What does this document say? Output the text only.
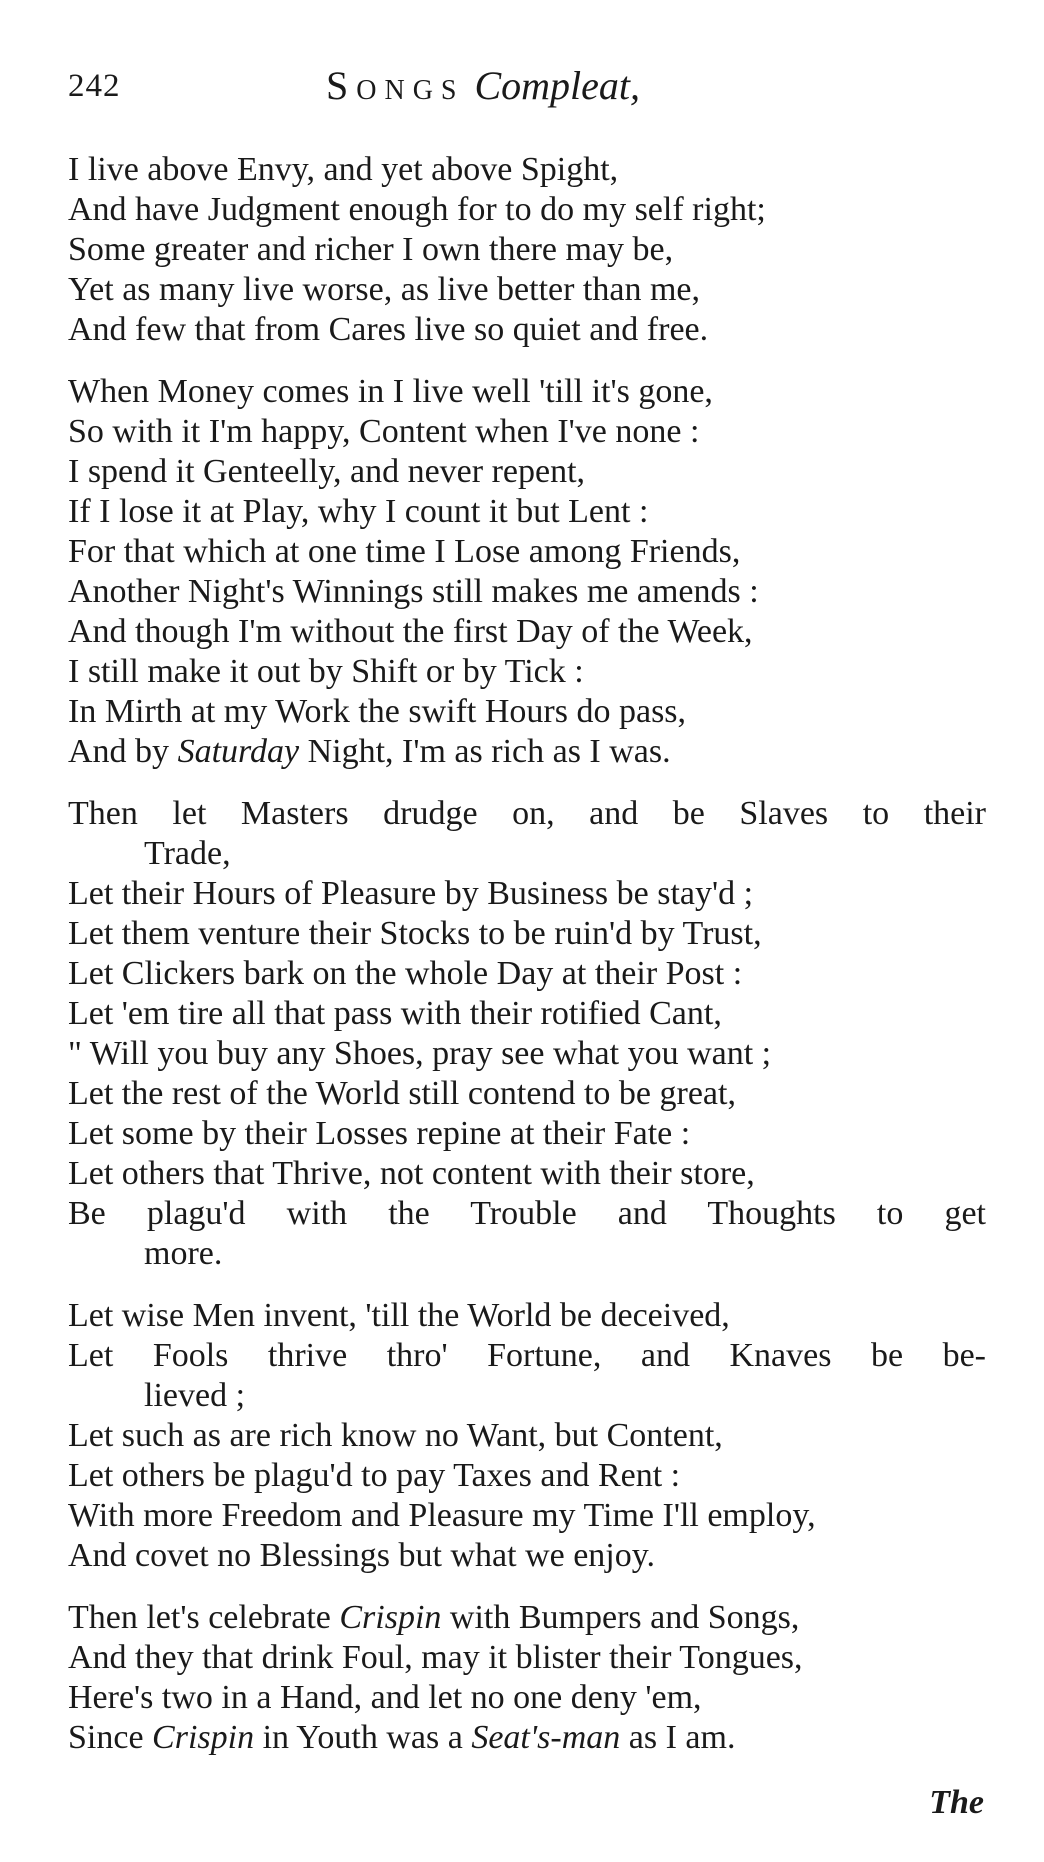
242	Songs Compleat,
I live above Envy, and yet above Spight,
And have Judgment enough for to do my self right;
Some greater and richer I own there may be,
Yet as many live worse, as live better than me,
And few that from Cares live so quiet and free.
When Money comes in I live well 'till it's gone,
So with it I'm happy, Content when I've none :
I spend it Genteelly, and never repent,
If I lose it at Play, why I count it but Lent :
For that which at one time I Lose among Friends,
Another Night's Winnings still makes me amends :
And though I'm without the first Day of the Week,
I still make it out by Shift or by Tick :
In Mirth at my Work the swift Hours do pass,
And by Saturday Night, I'm as rich as I was.
Then let Masters drudge on, and be Slaves to their
Trade,
Let their Hours of Pleasure by Business be stay'd ;
Let them venture their Stocks to be ruin'd by Trust,
Let Clickers bark on the whole Day at their Post :
Let 'em tire all that pass with their rotified Cant,
" Will you buy any Shoes, pray see what you want ;
Let the rest of the World still contend to be great,
Let some by their Losses repine at their Fate :
Let others that Thrive, not content with their store,
Be plagu'd with the Trouble and Thoughts to get
more.
Let wise Men invent, 'till the World be deceived,
Let Fools thrive thro' Fortune, and Knaves be be-
lieved ;
Let such as are rich know no Want, but Content,
Let others be plagu'd to pay Taxes and Rent :
With more Freedom and Pleasure my Time I'll employ,
And covet no Blessings but what we enjoy.
Then let's celebrate Crispin with Bumpers and Songs,
And they that drink Foul, may it blister their Tongues,
Here's two in a Hand, and let no one deny 'em,
Since Crispin in Youth was a Seat's-man as I am.
The
